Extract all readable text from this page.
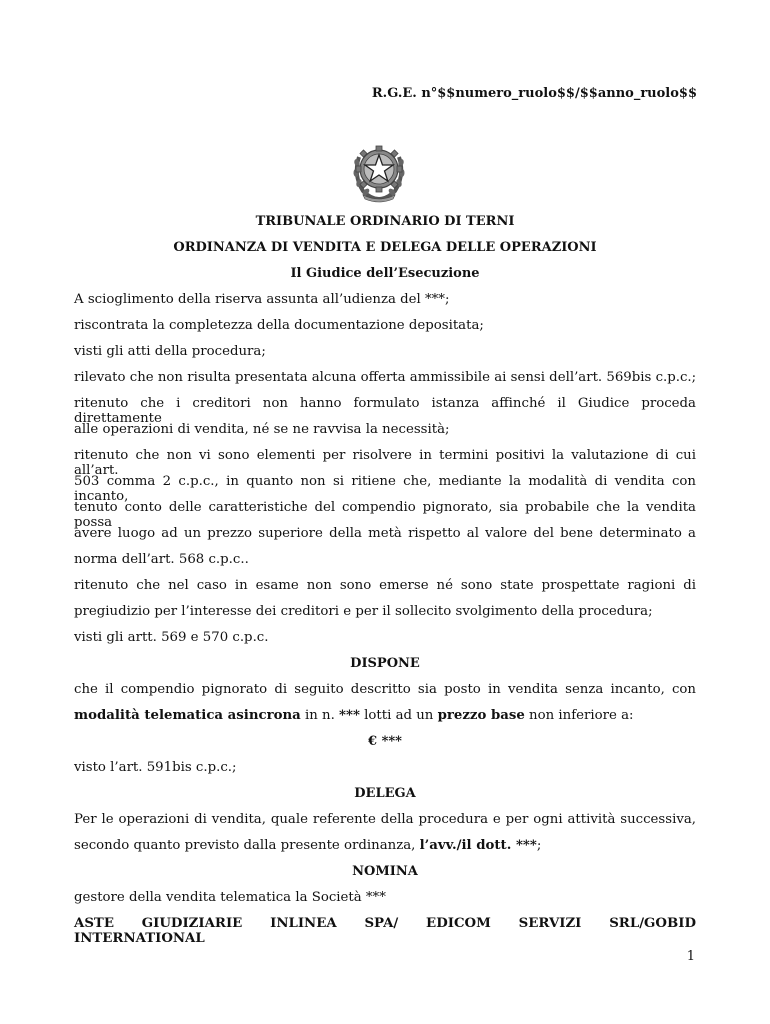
R.G.E. n°$$numero_ruolo$$/$$anno_ruolo$$
TRIBUNALE ORDINARIO DI TERNI
ORDINANZA DI VENDITA E DELEGA DELLE OPERAZIONI
Il Giudice dell’Esecuzione
A scioglimento della riserva assunta all’udienza del ***;
riscontrata la completezza della documentazione depositata;
visti gli atti della procedura;
rilevato che non risulta presentata alcuna offerta ammissibile ai sensi dell’art. 569bis c.p.c.;
ritenuto che i creditori non hanno formulato istanza affinché il Giudice proceda direttamente
alle operazioni di vendita, né se ne ravvisa la necessità;
ritenuto che non vi sono elementi per risolvere in termini positivi la valutazione di cui all’art.
503 comma 2 c.p.c., in quanto non si ritiene che, mediante la modalità di vendita con incanto,
tenuto conto delle caratteristiche del compendio pignorato, sia probabile che la vendita possa
avere luogo ad un prezzo superiore della metà rispetto al valore del bene determinato a
norma dell’art. 568 c.p.c..
ritenuto che nel caso in esame non sono emerse né sono state prospettate ragioni di
pregiudizio per l’interesse dei creditori e per il sollecito svolgimento della procedura;
visti gli artt. 569 e 570 c.p.c.
DISPONE
che il compendio pignorato di seguito descritto sia posto in vendita senza incanto, con
modalità telematica asincrona in n. *** lotti ad un prezzo base non inferiore a:
€ ***
visto l’art. 591bis c.p.c.;
DELEGA
Per le operazioni di vendita, quale referente della procedura e per ogni attività successiva,
secondo quanto previsto dalla presente ordinanza, l’avv./il dott. ***;
NOMINA
gestore della vendita telematica la Società ***
ASTE GIUDIZIARIE INLINEA SPA/ EDICOM SERVIZI SRL/GOBID INTERNATIONAL
1
